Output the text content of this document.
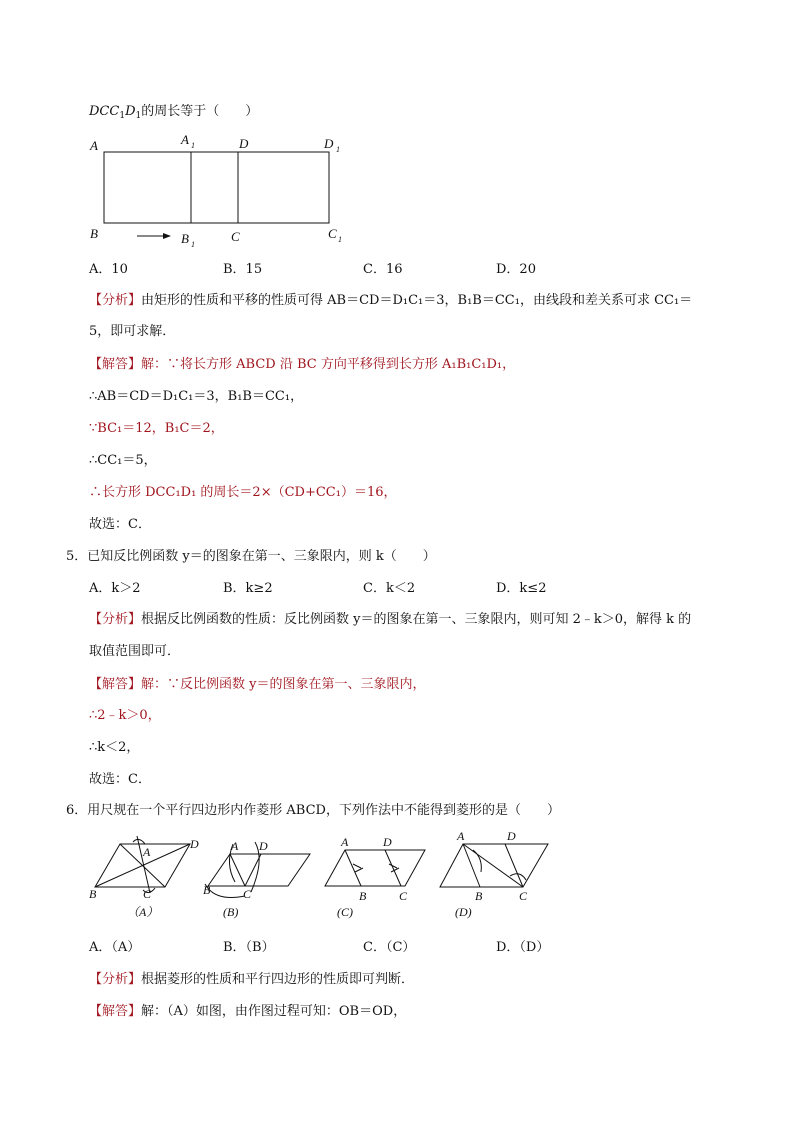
$DCC_1D_1$的周长等于（　　）
A	A 1	D	D 1
B	B 1
C	C 1
A．10	B．15	C．16	D．20
【分析】由矩形的性质和平移的性质可得 AB＝CD＝D₁C₁＝3，B₁B＝CC₁，由线段和差关系可求 CC₁＝
5，即可求解．
【解答】解：∵将长方形 ABCD 沿 BC 方向平移得到长方形 A₁B₁C₁D₁，
∴AB＝CD＝D₁C₁＝3，B₁B＝CC₁，
∵BC₁＝12，B₁C＝2，
∴CC₁＝5，
∴长方形 DCC₁D₁ 的周长＝2×（CD+CC₁）＝16，
故选：C．
5．已知反比例函数 y＝的图象在第一、三象限内，则 k（　　）
A．k＞2	B．k≥2	C．k＜2	D．k≤2
【分析】根据反比例函数的性质：反比例函数 y＝的图象在第一、三象限内，则可知 2﹣k＞0，解得 k 的
取值范围即可．
【解答】解：∵反比例函数 y＝的图象在第一、三象限内，
∴2﹣k＞0，
∴k＜2，
故选：C．
6．用尺规在一个平行四边形内作菱形 ABCD，下列作法中不能得到菱形的是（　　）
B
A
D
C
（A）
B
A D
C
(B)
A	D
B	C
(C)
A	D
B	C
(D)
A．（A）	B．（B）	C．（C）	D．（D）
【分析】根据菱形的性质和平行四边形的性质即可判断．
【解答】解：（A）如图，由作图过程可知：OB＝OD，
